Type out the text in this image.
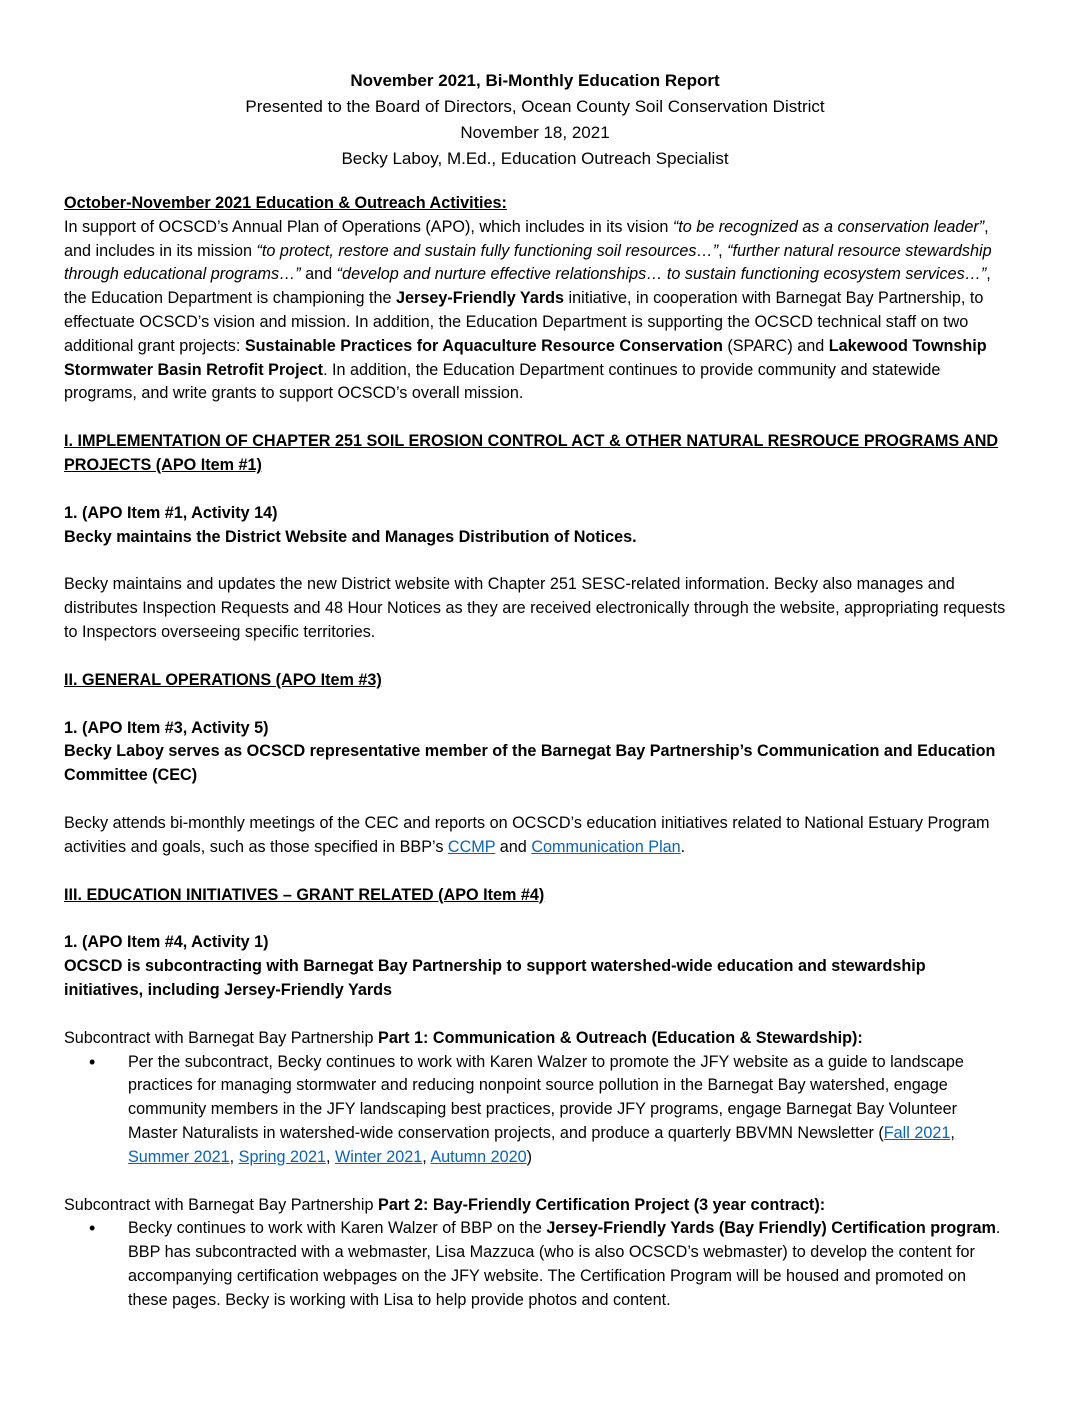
November 2021, Bi-Monthly Education Report

Presented to the Board of Directors, Ocean County Soil Conservation District

November 18, 2021

Becky Laboy, M.Ed., Education Outreach Specialist

October-November 2021 Education & Outreach Activities:

In support of OCSCD’s Annual Plan of Operations (APO), which includes in its vision “to be recognized as a conservation leader”, and includes in its mission “to protect, restore and sustain fully functioning soil resources…”, “further natural resource stewardship through educational programs…” and “develop and nurture effective relationships… to sustain functioning ecosystem services…”, the Education Department is championing the Jersey-Friendly Yards initiative, in cooperation with Barnegat Bay Partnership, to effectuate OCSCD’s vision and mission. In addition, the Education Department is supporting the OCSCD technical staff on two additional grant projects: Sustainable Practices for Aquaculture Resource Conservation (SPARC) and Lakewood Township Stormwater Basin Retrofit Project. In addition, the Education Department continues to provide community and statewide programs, and write grants to support OCSCD’s overall mission.

I. IMPLEMENTATION OF CHAPTER 251 SOIL EROSION CONTROL ACT & OTHER NATURAL RESROUCE PROGRAMS AND PROJECTS (APO Item #1)

1. (APO Item #1, Activity 14)

Becky maintains the District Website and Manages Distribution of Notices.

Becky maintains and updates the new District website with Chapter 251 SESC-related information. Becky also manages and distributes Inspection Requests and 48 Hour Notices as they are received electronically through the website, appropriating requests to Inspectors overseeing specific territories.

II. GENERAL OPERATIONS (APO Item #3)

1. (APO Item #3, Activity 5)

Becky Laboy serves as OCSCD representative member of the Barnegat Bay Partnership’s Communication and Education Committee (CEC)

Becky attends bi-monthly meetings of the CEC and reports on OCSCD’s education initiatives related to National Estuary Program activities and goals, such as those specified in BBP’s CCMP and Communication Plan.

III. EDUCATION INITIATIVES – GRANT RELATED (APO Item #4)

1. (APO Item #4, Activity 1)

OCSCD is subcontracting with Barnegat Bay Partnership to support watershed-wide education and stewardship initiatives, including Jersey-Friendly Yards

Subcontract with Barnegat Bay Partnership Part 1: Communication & Outreach (Education & Stewardship):

• Per the subcontract, Becky continues to work with Karen Walzer to promote the JFY website as a guide to landscape practices for managing stormwater and reducing nonpoint source pollution in the Barnegat Bay watershed, engage community members in the JFY landscaping best practices, provide JFY programs, engage Barnegat Bay Volunteer Master Naturalists in watershed-wide conservation projects, and produce a quarterly BBVMN Newsletter (Fall 2021, Summer 2021, Spring 2021, Winter 2021, Autumn 2020)

Subcontract with Barnegat Bay Partnership Part 2: Bay-Friendly Certification Project (3 year contract):

• Becky continues to work with Karen Walzer of BBP on the Jersey-Friendly Yards (Bay Friendly) Certification program. BBP has subcontracted with a webmaster, Lisa Mazzuca (who is also OCSCD’s webmaster) to develop the content for accompanying certification webpages on the JFY website. The Certification Program will be housed and promoted on these pages. Becky is working with Lisa to help provide photos and content.
